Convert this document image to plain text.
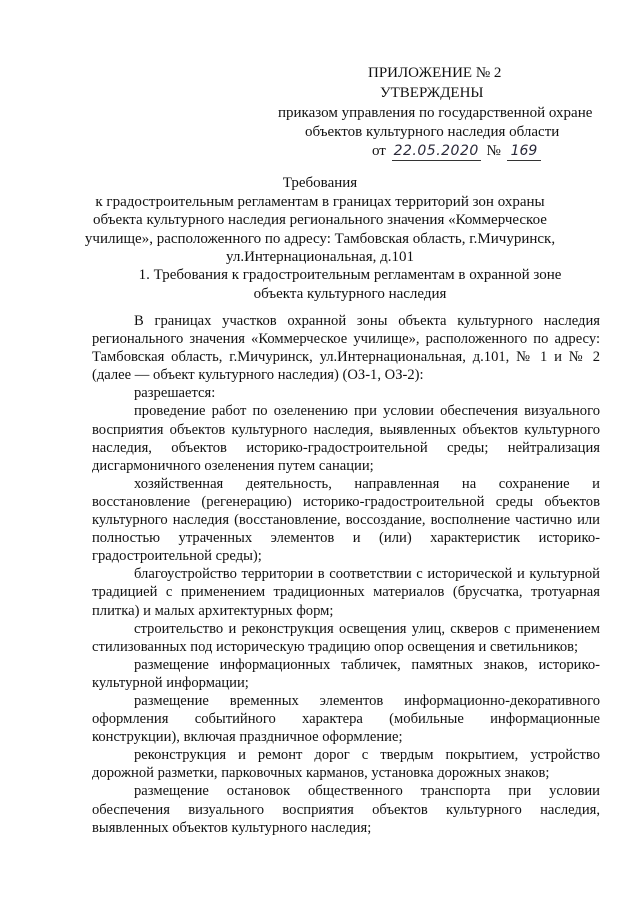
ПРИЛОЖЕНИЕ № 2
УТВЕРЖДЕНЫ
приказом управления по государственной охране
объектов культурного наследия области
от 22.05.2020 № 169
Требования
к градостроительным регламентам в границах территорий зон охраны
объекта культурного наследия регионального значения «Коммерческое
училище», расположенного по адресу: Тамбовская область, г.Мичуринск,
ул.Интернациональная, д.101
1. Требования к градостроительным регламентам в охранной зоне
объекта культурного наследия

В границах участков охранной зоны объекта культурного наследия регионального значения «Коммерческое училище», расположенного по адресу: Тамбовская область, г.Мичуринск, ул.Интернациональная, д.101, № 1 и № 2 (далее — объект культурного наследия) (ОЗ-1, ОЗ-2):

разрешается:

проведение работ по озеленению при условии обеспечения визуального восприятия объектов культурного наследия, выявленных объектов культурного наследия, объектов историко-градостроительной среды; нейтрализация дисгармоничного озеленения путем санации;

хозяйственная деятельность, направленная на сохранение и восстановление (регенерацию) историко-градостроительной среды объектов культурного наследия (восстановление, воссоздание, восполнение частично или полностью утраченных элементов и (или) характеристик историко-градостроительной среды);

благоустройство территории в соответствии с исторической и культурной традицией с применением традиционных материалов (брусчатка, тротуарная плитка) и малых архитектурных форм;

строительство и реконструкция освещения улиц, скверов с применением стилизованных под историческую традицию опор освещения и светильников;

размещение информационных табличек, памятных знаков, историко-культурной информации;

размещение временных элементов информационно-декоративного оформления событийного характера (мобильные информационные конструкции), включая праздничное оформление;

реконструкция и ремонт дорог с твердым покрытием, устройство дорожной разметки, парковочных карманов, установка дорожных знаков;

размещение остановок общественного транспорта при условии обеспечения визуального восприятия объектов культурного наследия, выявленных объектов культурного наследия;
